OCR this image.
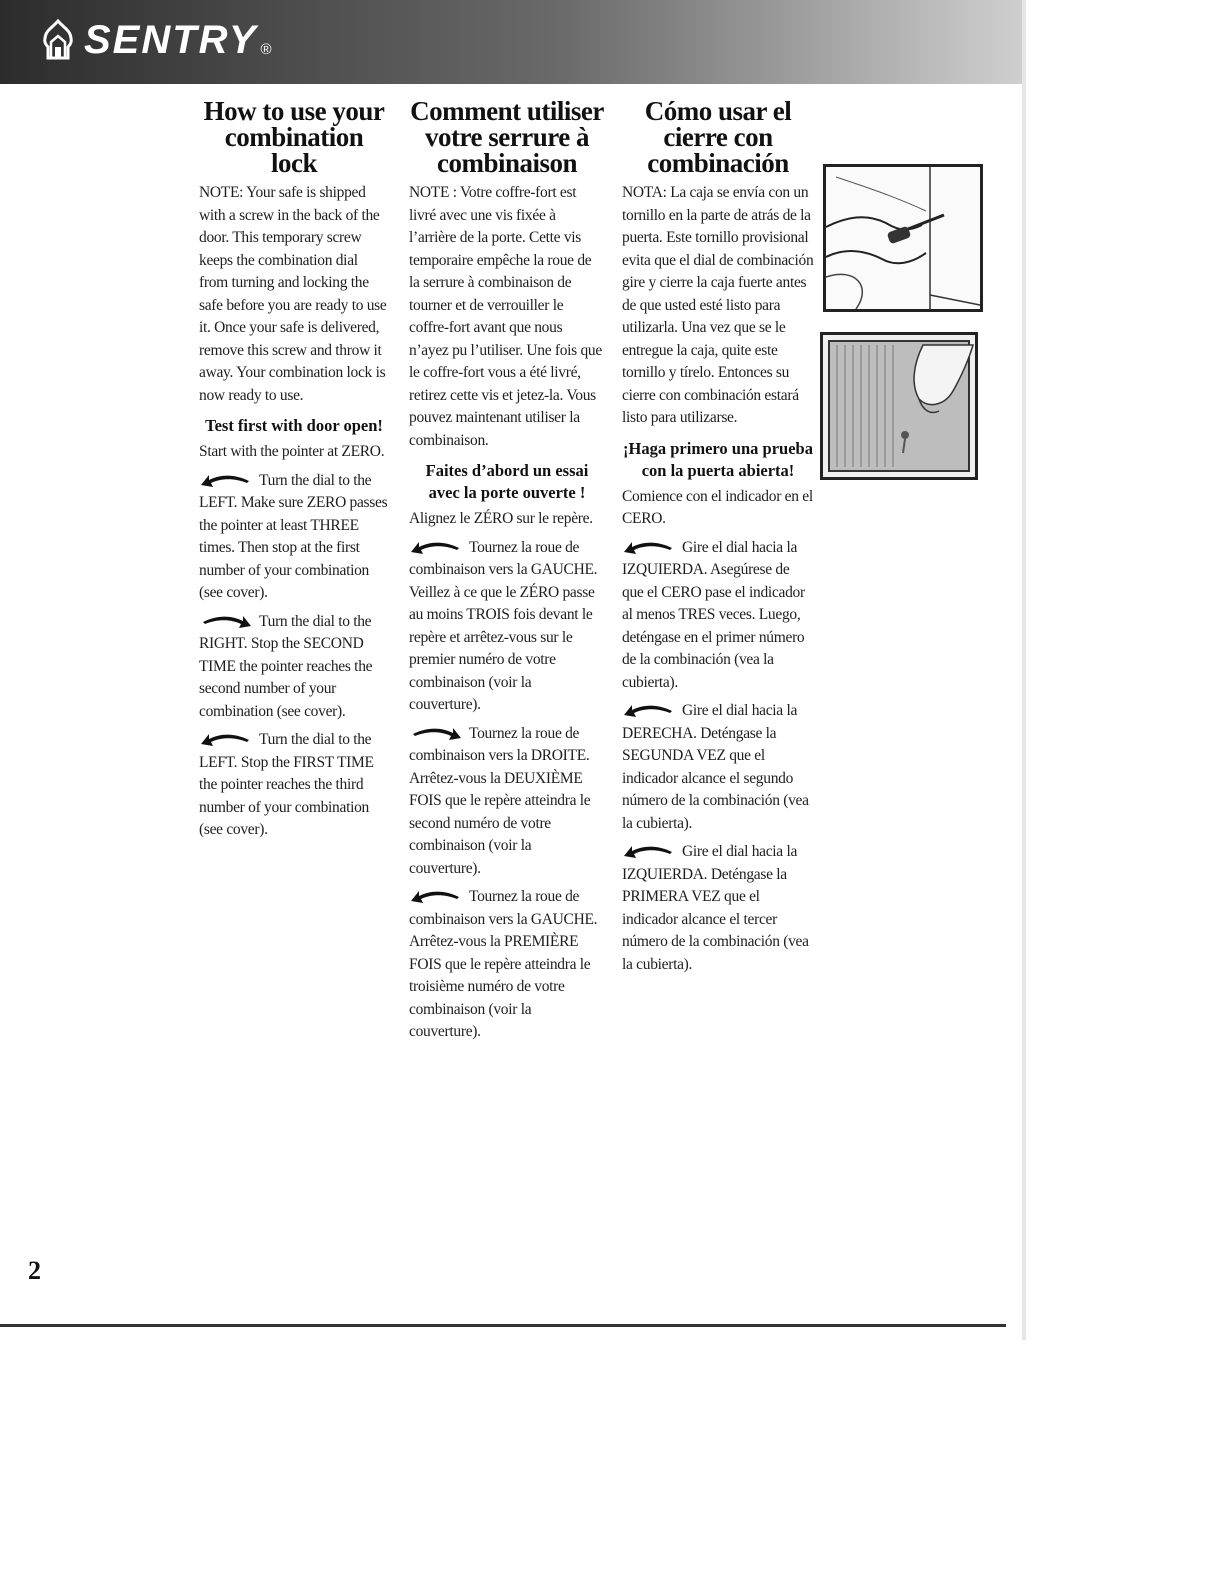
SENTRY ®
How to use your combination lock

NOTE: Your safe is shipped with a screw in the back of the door. This temporary screw keeps the combination dial from turning and locking the safe before you are ready to use it. Once your safe is delivered, remove this screw and throw it away. Your combination lock is now ready to use.

Test first with door open!

Start with the pointer at ZERO.

Turn the dial to the LEFT. Make sure ZERO passes the pointer at least THREE times. Then stop at the first number of your combination (see cover).

Turn the dial to the RIGHT. Stop the SECOND TIME the pointer reaches the second number of your combination (see cover).

Turn the dial to the LEFT. Stop the FIRST TIME the pointer reaches the third number of your combination (see cover).

Comment utiliser votre serrure à combinaison

NOTE : Votre coffre-fort est livré avec une vis fixée à l’arrière de la porte. Cette vis temporaire empêche la roue de la serrure à combinaison de tourner et de verrouiller le coffre-fort avant que nous n’ayez pu l’utiliser. Une fois que le coffre-fort vous a été livré, retirez cette vis et jetez-la. Vous pouvez maintenant utiliser la combinaison.

Faites d’abord un essai avec la porte ouverte !

Alignez le ZÉRO sur le repère.

Tournez la roue de combinaison vers la GAUCHE. Veillez à ce que le ZÉRO passe au moins TROIS fois devant le repère et arrêtez-vous sur le premier numéro de votre combinaison (voir la couverture).

Tournez la roue de combinaison vers la DROITE. Arrêtez-vous la DEUXIÈME FOIS que le repère atteindra le second numéro de votre combinaison (voir la couverture).

Tournez la roue de combinaison vers la GAUCHE. Arrêtez-vous la PREMIÈRE FOIS que le repère atteindra le troisième numéro de votre combinaison (voir la couverture).

Cómo usar el cierre con combinación

NOTA: La caja se envía con un tornillo en la parte de atrás de la puerta. Este tornillo provisional evita que el dial de combinación gire y cierre la caja fuerte antes de que usted esté listo para utilizarla. Una vez que se le entregue la caja, quite este tornillo y tírelo. Entonces su cierre con combinación estará listo para utilizarse.

¡Haga primero una prueba con la puerta abierta!

Comience con el indicador en el CERO.

Gire el dial hacia la IZQUIERDA. Asegúrese de que el CERO pase el indicador al menos TRES veces. Luego, deténgase en el primer número de la combinación (vea la cubierta).

Gire el dial hacia la DERECHA. Deténgase la SEGUNDA VEZ que el indicador alcance el segundo número de la combinación (vea la cubierta).

Gire el dial hacia la IZQUIERDA. Deténgase la PRIMERA VEZ que el indicador alcance el tercer número de la combinación (vea la cubierta).

2
